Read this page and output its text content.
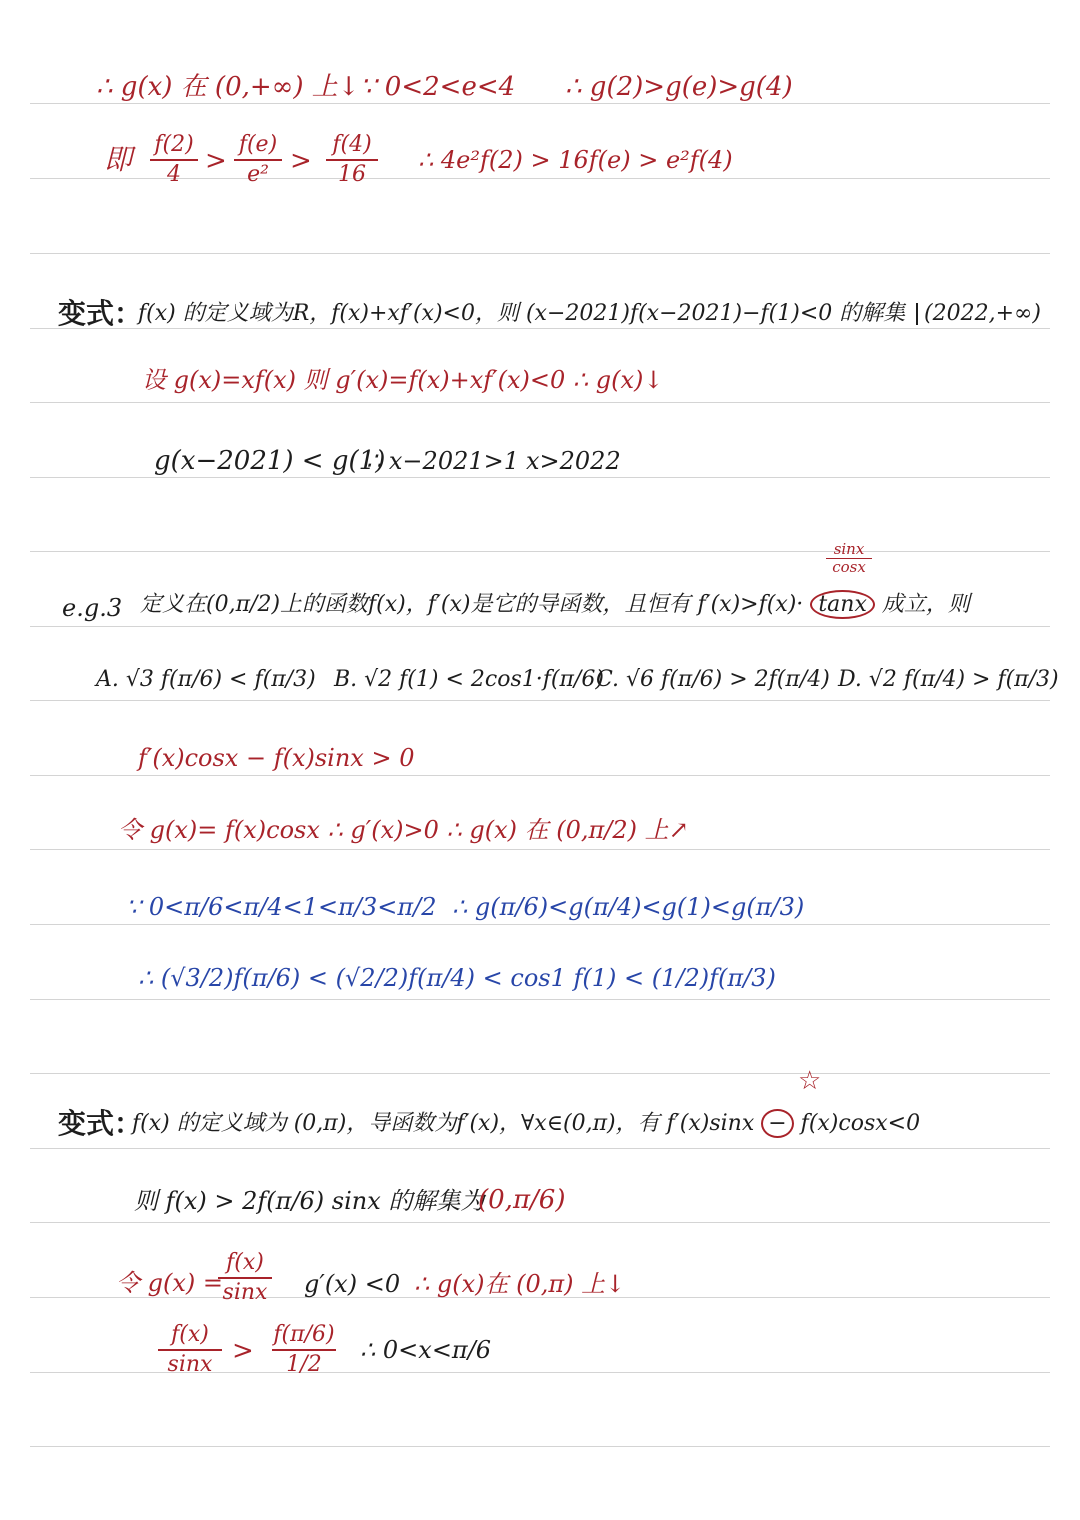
∴ g(x) 在 (0,+∞) 上↓ ∵ 0<2<e<4 ∴ g(2)>g(e)>g(4)
即 f(2)
4 >
f(e)
e² >
f(4)
16
∴ 4e²f(2) > 16f(e) > e²f(4)
变式：
f(x) 的定义域为R，f(x)+xf′(x)<0，则 (x−2021)f(x−2021)−f(1)<0 的解集 (2022,+∞)
设 g(x)=xf(x) 则 g′(x)=f(x)+xf′(x)<0 ∴ g(x)↓
g(x−2021) < g(1)
∴ x−2021>1 x>2022
sinx
cosx
e.g.3 定义在(0,π/2)上的函数f(x)，f′(x)是它的导函数，且恒有 f′(x)>f(x)· tanx 成立，则
A. √3 f(π/6) < f(π/3) B. √2 f(1) < 2cos1·f(π/6)
C. √6 f(π/6) > 2f(π/4) D. √2 f(π/4) > f(π/3)
f′(x)cosx − f(x)sinx > 0
令 g(x)= f(x)cosx ∴ g′(x)>0 ∴ g(x) 在 (0,π/2) 上↗
∵ 0<π/6<π/4<1<π/3<π/2 ∴ g(π/6)<g(π/4)<g(1)<g(π/3)
∴ (√3/2)f(π/6) < (√2/2)f(π/4) < cos1 f(1) < (1/2)f(π/3)
☆
变式：
f(x) 的定义域为 (0,π)，导函数为f′(x)，∀x∈(0,π)，有 f′(x)sinx − f(x)cosx<0
则 f(x) > 2f(π/6) sinx 的解集为
(0,π/6)
令 g(x) =
f(x)
sinx g′(x) <0 ∴ g(x)在 (0,π) 上↓
f(x)
sinx >
f(π/6)
1/2
∴ 0<x<π/6
